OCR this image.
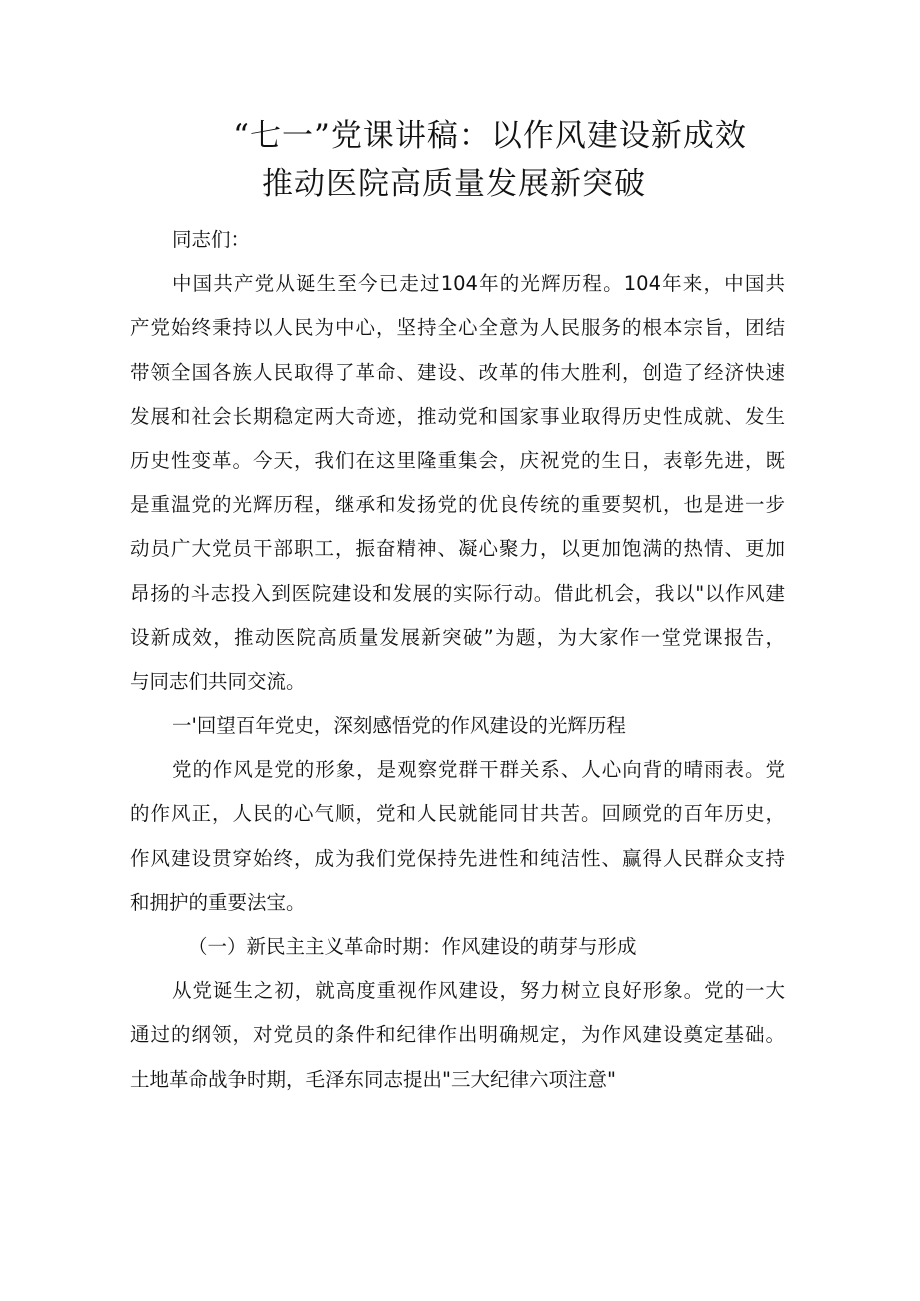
“七一”党课讲稿：以作风建设新成效
推动医院高质量发展新突破
同志们：
中国共产党从诞生至今已走过104年的光辉历程。104年来，中国共
产党始终秉持以人民为中心，坚持全心全意为人民服务的根本宗旨，团结
带领全国各族人民取得了革命、建设、改革的伟大胜利，创造了经济快速
发展和社会长期稳定两大奇迹，推动党和国家事业取得历史性成就、发生
历史性变革。今天，我们在这里隆重集会，庆祝党的生日，表彰先进，既
是重温党的光辉历程，继承和发扬党的优良传统的重要契机，也是进一步
动员广大党员干部职工，振奋精神、凝心聚力，以更加饱满的热情、更加
昂扬的斗志投入到医院建设和发展的实际行动。借此机会，我以"以作风建
设新成效，推动医院高质量发展新突破”为题，为大家作一堂党课报告，
与同志们共同交流。
一'回望百年党史，深刻感悟党的作风建设的光辉历程
党的作风是党的形象，是观察党群干群关系、人心向背的晴雨表。党
的作风正，人民的心气顺，党和人民就能同甘共苦。回顾党的百年历史，
作风建设贯穿始终，成为我们党保持先进性和纯洁性、赢得人民群众支持
和拥护的重要法宝。
（一）新民主主义革命时期：作风建设的萌芽与形成
从党诞生之初，就高度重视作风建设，努力树立良好形象。党的一大
通过的纲领，对党员的条件和纪律作出明确规定，为作风建设奠定基础。
土地革命战争时期，毛泽东同志提出"三大纪律六项注意"
